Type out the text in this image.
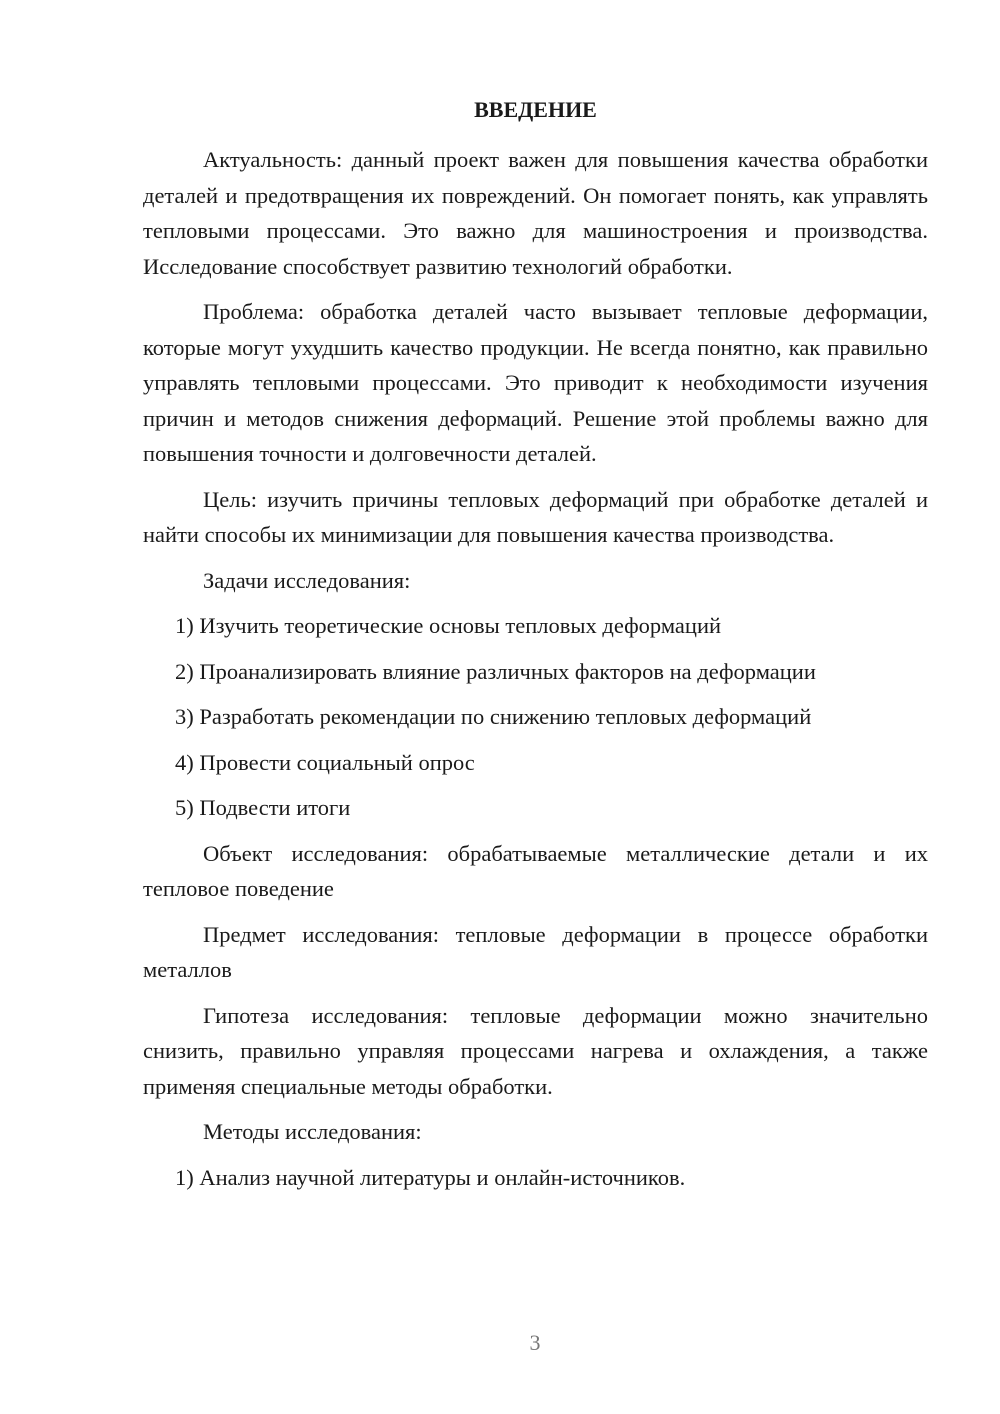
ВВЕДЕНИЕ

Актуальность: данный проект важен для повышения качества обработки деталей и предотвращения их повреждений. Он помогает понять, как управлять тепловыми процессами. Это важно для машиностроения и производства. Исследование способствует развитию технологий обработки.

Проблема: обработка деталей часто вызывает тепловые деформации, которые могут ухудшить качество продукции. Не всегда понятно, как правильно управлять тепловыми процессами. Это приводит к необходимости изучения причин и методов снижения деформаций. Решение этой проблемы важно для повышения точности и долговечности деталей.

Цель: изучить причины тепловых деформаций при обработке деталей и найти способы их минимизации для повышения качества производства.

Задачи исследования:

1) Изучить теоретические основы тепловых деформаций

2) Проанализировать влияние различных факторов на деформации

3) Разработать рекомендации по снижению тепловых деформаций

4) Провести социальный опрос

5) Подвести итоги

Объект исследования: обрабатываемые металлические детали и их тепловое поведение

Предмет исследования: тепловые деформации в процессе обработки металлов

Гипотеза исследования: тепловые деформации можно значительно снизить, правильно управляя процессами нагрева и охлаждения, а также применяя специальные методы обработки.

Методы исследования:

1) Анализ научной литературы и онлайн-источников.

3
